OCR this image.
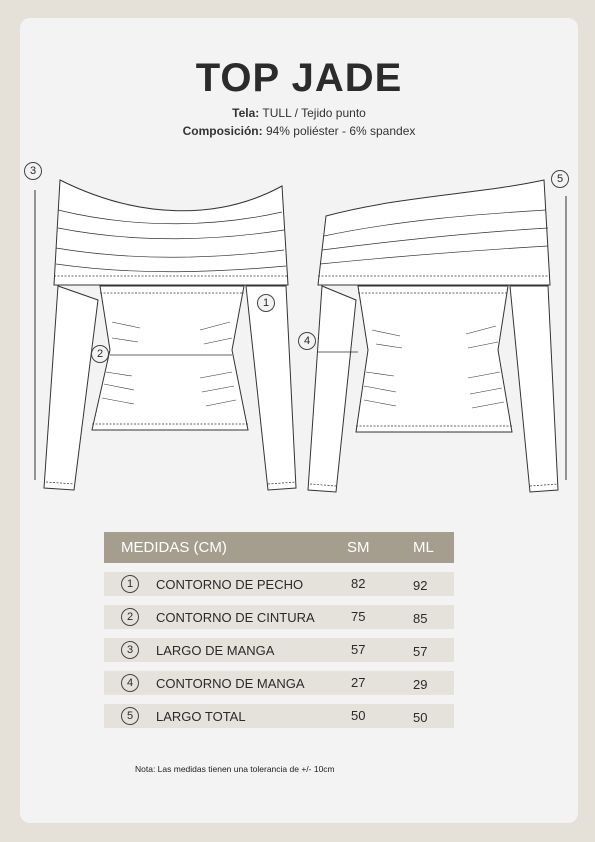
TOP JADE
Tela: TULL / Tejido punto
Composición: 94% poliéster - 6% spandex
3
1
2
4
5
MEDIDAS (CM)	SM	ML
1	CONTORNO DE PECHO	82	92
2	CONTORNO DE CINTURA	75	85
3	LARGO DE MANGA	57	57
4	CONTORNO DE MANGA	27	29
5	LARGO TOTAL	50	50
Nota: Las medidas tienen una tolerancia de +/- 10cm
